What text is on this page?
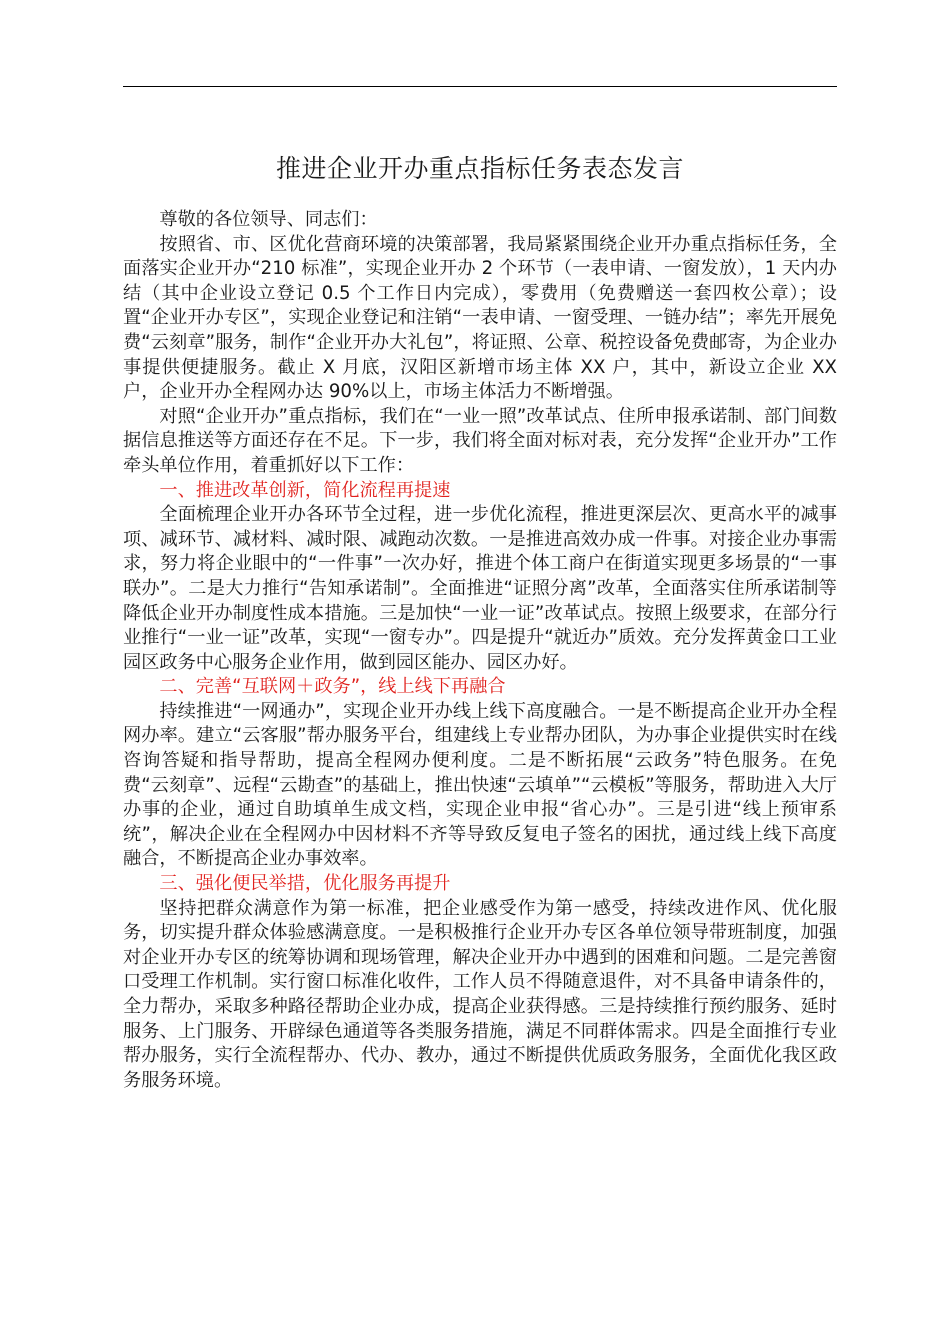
推进企业开办重点指标任务表态发言

尊敬的各位领导、同志们：

按照省、市、区优化营商环境的决策部署，我局紧紧围绕企业开办重点指标任务，全面落实企业开办“210 标准”，实现企业开办 2 个环节（一表申请、一窗发放），1 天内办结（其中企业设立登记 0.5 个工作日内完成），零费用（免费赠送一套四枚公章）；设置“企业开办专区”，实现企业登记和注销“一表申请、一窗受理、一链办结”；率先开展免费“云刻章”服务，制作“企业开办大礼包”，将证照、公章、税控设备免费邮寄，为企业办事提供便捷服务。截止 X 月底，汉阳区新增市场主体 XX 户，其中，新设立企业 XX 户，企业开办全程网办达 90%以上，市场主体活力不断增强。

对照“企业开办”重点指标，我们在“一业一照”改革试点、住所申报承诺制、部门间数据信息推送等方面还存在不足。下一步，我们将全面对标对表，充分发挥“企业开办”工作牵头单位作用，着重抓好以下工作：

一、推进改革创新，简化流程再提速

全面梳理企业开办各环节全过程，进一步优化流程，推进更深层次、更高水平的减事项、减环节、减材料、减时限、减跑动次数。一是推进高效办成一件事。对接企业办事需求，努力将企业眼中的“一件事”一次办好，推进个体工商户在街道实现更多场景的“一事联办”。二是大力推行“告知承诺制”。全面推进“证照分离”改革，全面落实住所承诺制等降低企业开办制度性成本措施。三是加快“一业一证”改革试点。按照上级要求，在部分行业推行“一业一证”改革，实现“一窗专办”。四是提升“就近办”质效。充分发挥黄金口工业园区政务中心服务企业作用，做到园区能办、园区办好。

二、完善“互联网＋政务”，线上线下再融合

持续推进“一网通办”，实现企业开办线上线下高度融合。一是不断提高企业开办全程网办率。建立“云客服”帮办服务平台，组建线上专业帮办团队，为办事企业提供实时在线咨询答疑和指导帮助，提高全程网办便利度。二是不断拓展“云政务”特色服务。在免费“云刻章”、远程“云勘查”的基础上，推出快速“云填单”“云模板”等服务，帮助进入大厅办事的企业，通过自助填单生成文档，实现企业申报“省心办”。三是引进“线上预审系统”，解决企业在全程网办中因材料不齐等导致反复电子签名的困扰，通过线上线下高度融合，不断提高企业办事效率。

三、强化便民举措，优化服务再提升

坚持把群众满意作为第一标准，把企业感受作为第一感受，持续改进作风、优化服务，切实提升群众体验感满意度。一是积极推行企业开办专区各单位领导带班制度，加强对企业开办专区的统筹协调和现场管理，解决企业开办中遇到的困难和问题。二是完善窗口受理工作机制。实行窗口标准化收件，工作人员不得随意退件，对不具备申请条件的，全力帮办，采取多种路径帮助企业办成，提高企业获得感。三是持续推行预约服务、延时服务、上门服务、开辟绿色通道等各类服务措施，满足不同群体需求。四是全面推行专业帮办服务，实行全流程帮办、代办、教办，通过不断提供优质政务服务，全面优化我区政务服务环境。
